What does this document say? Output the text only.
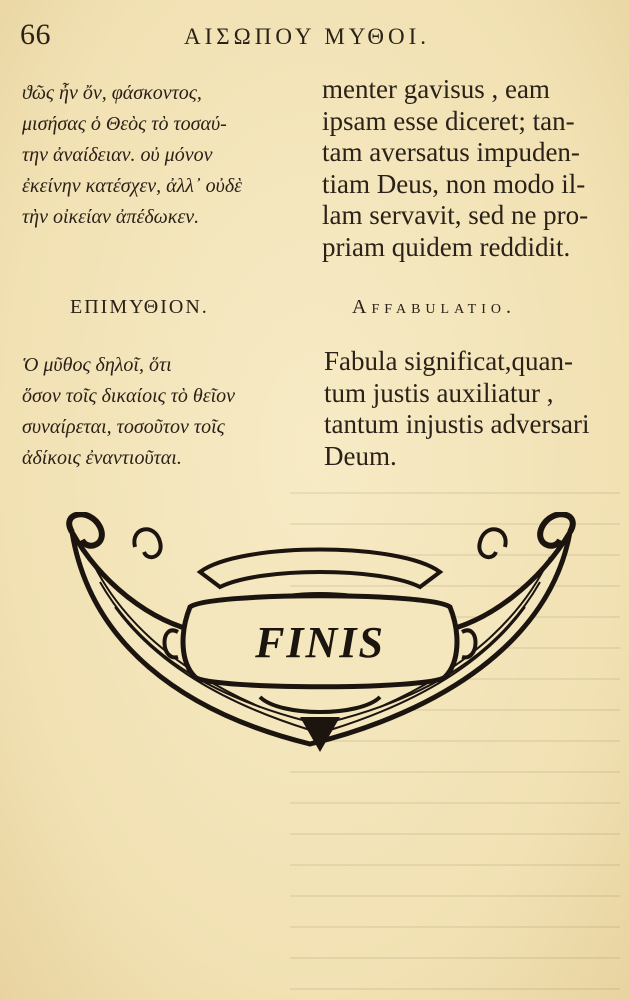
66	ΑΙΣΩΠΟΥ ΜΥΘΟΙ.
ϑῶς ἦν ὄν, φάσκοντος,
μισήσας ὁ Θεὸς τὸ τοσαύ-
την ἀναίδειαν. οὐ μόνον
ἐκείνην κατέσχεν, ἀλλ᾽ οὐδὲ
τὴν οἰκείαν ἀπέδωκεν.
menter gavisus , eam
ipsam esse diceret; tan-
tam aversatus impuden-
tiam Deus, non modo il-
lam servavit, sed ne pro-
priam quidem reddidit.
ΕΠΙΜΥΘΙΟΝ.	Affabulatio.
Ὁ μῦθος δηλοῖ, ὅτι
ὅσον τοῖς δικαίοις τὸ θεῖον
συναίρεται, τοσοῦτον τοῖς
ἀδίκοις ἐναντιοῦται.
Fabula significat,quan-
tum justis auxiliatur ,
tantum injustis adversari
Deum.
FINIS
